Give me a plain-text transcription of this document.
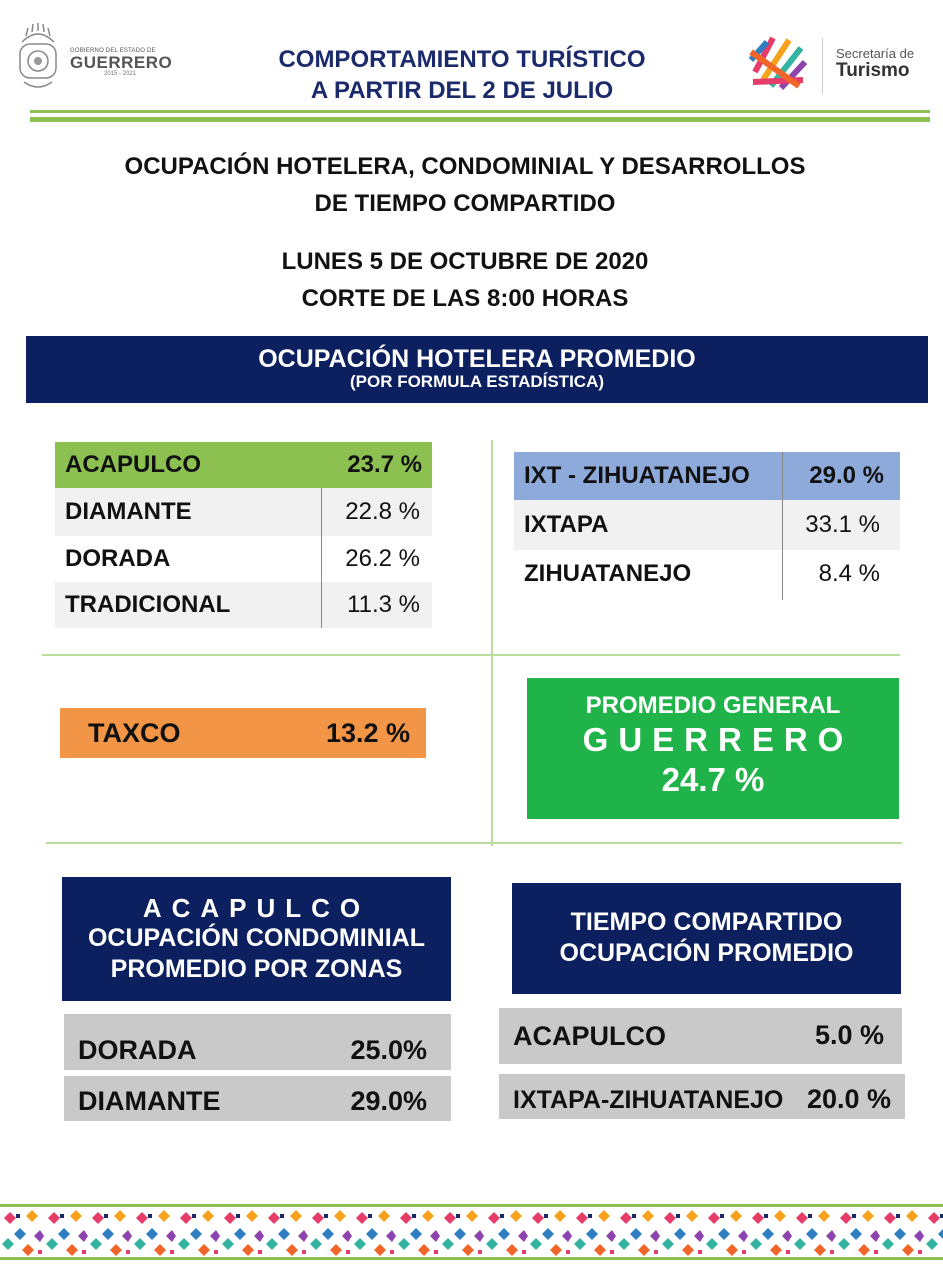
GOBIERNO DEL ESTADO DE
GUERRERO
2015 - 2021
COMPORTAMIENTO TURÍSTICO
A PARTIR DEL 2 DE JULIO
Secretaría de
Turismo
OCUPACIÓN HOTELERA, CONDOMINIAL Y DESARROLLOS
DE TIEMPO COMPARTIDO
LUNES 5 DE OCTUBRE DE 2020
CORTE DE LAS 8:00 HORAS
OCUPACIÓN HOTELERA PROMEDIO
(POR FORMULA ESTADÍSTICA)
ACAPULCO	23.7 %
DIAMANTE	22.8 %
DORADA	26.2 %
TRADICIONAL	11.3 %
IXT - ZIHUATANEJO 29.0 %
IXTAPA	33.1 %
ZIHUATANEJO	8.4 %
TAXCO	13.2 %
PROMEDIO GENERAL
GUERRERO
24.7 %
ACAPULCO
OCUPACIÓN CONDOMINIAL
PROMEDIO POR ZONAS
DORADA	25.0%
DIAMANTE	29.0%
TIEMPO COMPARTIDO
OCUPACIÓN PROMEDIO
ACAPULCO	5.0 %
IXTAPA-ZIHUATANEJO 20.0 %
